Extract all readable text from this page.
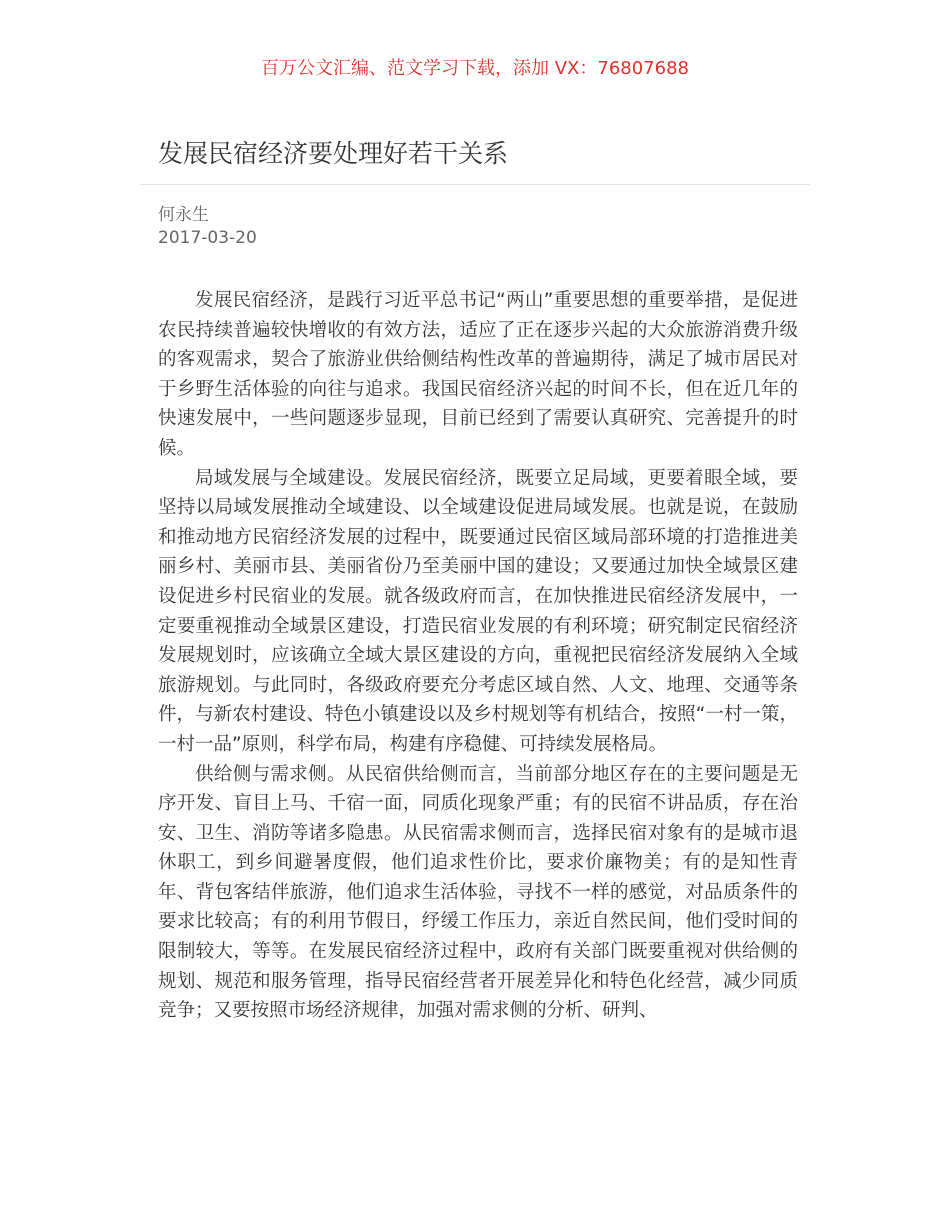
百万公文汇编、范文学习下载，添加 VX：76807688
发展民宿经济要处理好若干关系
何永生
2017-03-20

发展民宿经济，是践行习近平总书记“两山”重要思想的重要举措，是促进农民持续普遍较快增收的有效方法，适应了正在逐步兴起的大众旅游消费升级的客观需求，契合了旅游业供给侧结构性改革的普遍期待，满足了城市居民对于乡野生活体验的向往与追求。我国民宿经济兴起的时间不长，但在近几年的快速发展中，一些问题逐步显现，目前已经到了需要认真研究、完善提升的时候。

局域发展与全域建设。发展民宿经济，既要立足局域，更要着眼全域，要坚持以局域发展推动全域建设、以全域建设促进局域发展。也就是说，在鼓励和推动地方民宿经济发展的过程中，既要通过民宿区域局部环境的打造推进美丽乡村、美丽市县、美丽省份乃至美丽中国的建设；又要通过加快全域景区建设促进乡村民宿业的发展。就各级政府而言，在加快推进民宿经济发展中，一定要重视推动全域景区建设，打造民宿业发展的有利环境；研究制定民宿经济发展规划时，应该确立全域大景区建设的方向，重视把民宿经济发展纳入全域旅游规划。与此同时，各级政府要充分考虑区域自然、人文、地理、交通等条件，与新农村建设、特色小镇建设以及乡村规划等有机结合，按照“一村一策，一村一品”原则，科学布局，构建有序稳健、可持续发展格局。

供给侧与需求侧。从民宿供给侧而言，当前部分地区存在的主要问题是无序开发、盲目上马、千宿一面，同质化现象严重；有的民宿不讲品质，存在治安、卫生、消防等诸多隐患。从民宿需求侧而言，选择民宿对象有的是城市退休职工，到乡间避暑度假，他们追求性价比，要求价廉物美；有的是知性青年、背包客结伴旅游，他们追求生活体验，寻找不一样的感觉，对品质条件的要求比较高；有的利用节假日，纾缓工作压力，亲近自然民间，他们受时间的限制较大，等等。在发展民宿经济过程中，政府有关部门既要重视对供给侧的规划、规范和服务管理，指导民宿经营者开展差异化和特色化经营，减少同质竞争；又要按照市场经济规律，加强对需求侧的分析、研判、
